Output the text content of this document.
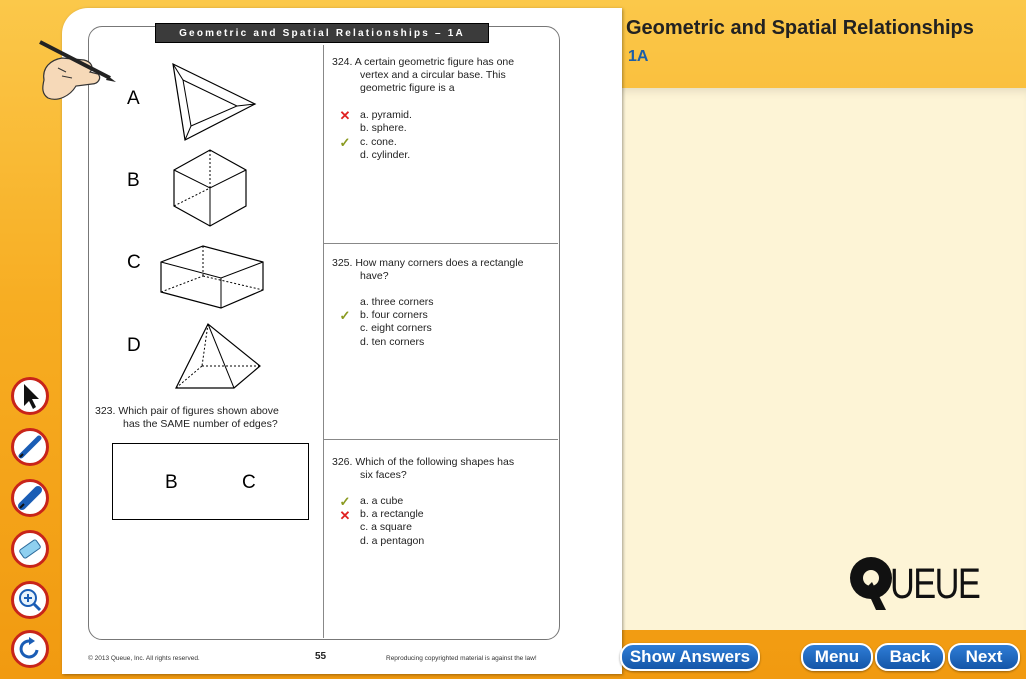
Geometric and Spatial Relationships
1A
Geometric and Spatial Relationships – 1A
A
B
C
D
323. Which pair of figures shown above
has the SAME number of edges?
B	C
324. A certain geometric figure has one
vertex and a circular base. This
geometric figure is a
✕ a. pyramid.
b. sphere.
✓ c. cone.
d. cylinder.
325. How many corners does a rectangle
have?
a. three corners
✓ b. four corners
c. eight corners
d. ten corners
326. Which of the following shapes has
six faces?
✓ a. a cube
✕ b. a rectangle
c. a square
d. a pentagon
© 2013 Queue, Inc. All rights reserved.	55	Reproducing copyrighted material is against the law!
UEUE
Show Answers	Menu	Back	Next
